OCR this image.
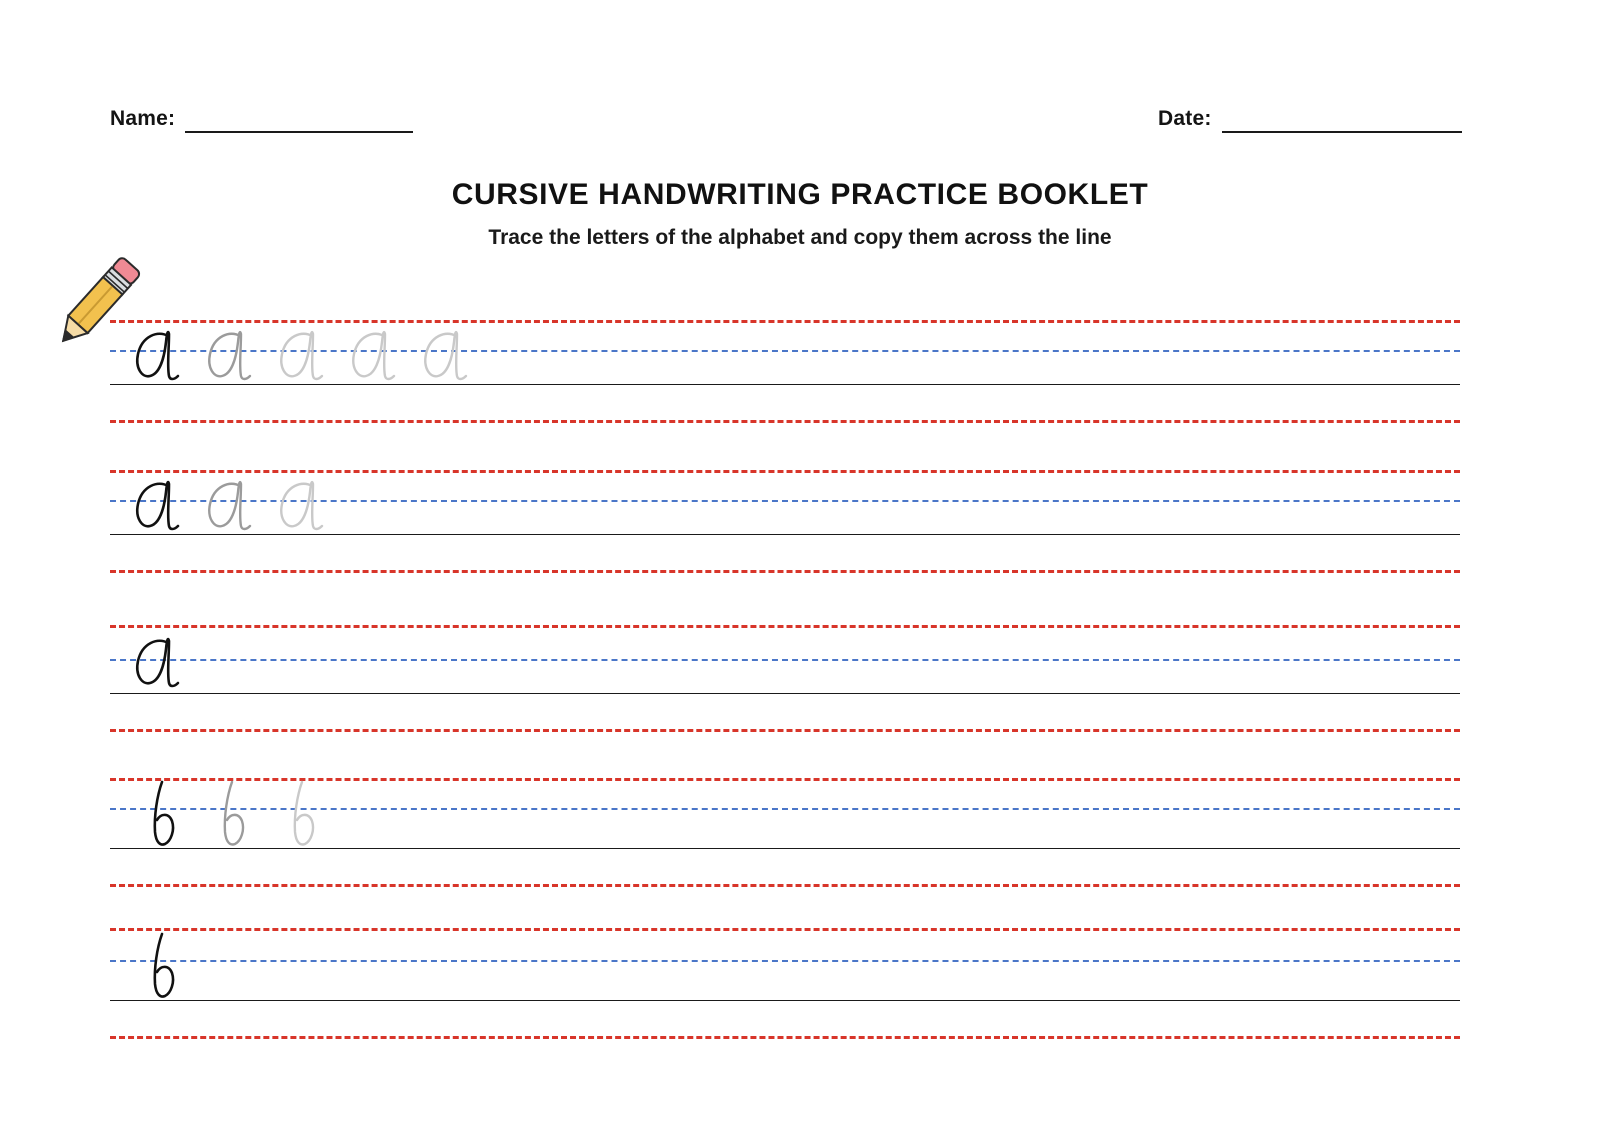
Name:	Date:
CURSIVE HANDWRITING PRACTICE BOOKLET
Trace the letters of the alphabet and copy them across the line
